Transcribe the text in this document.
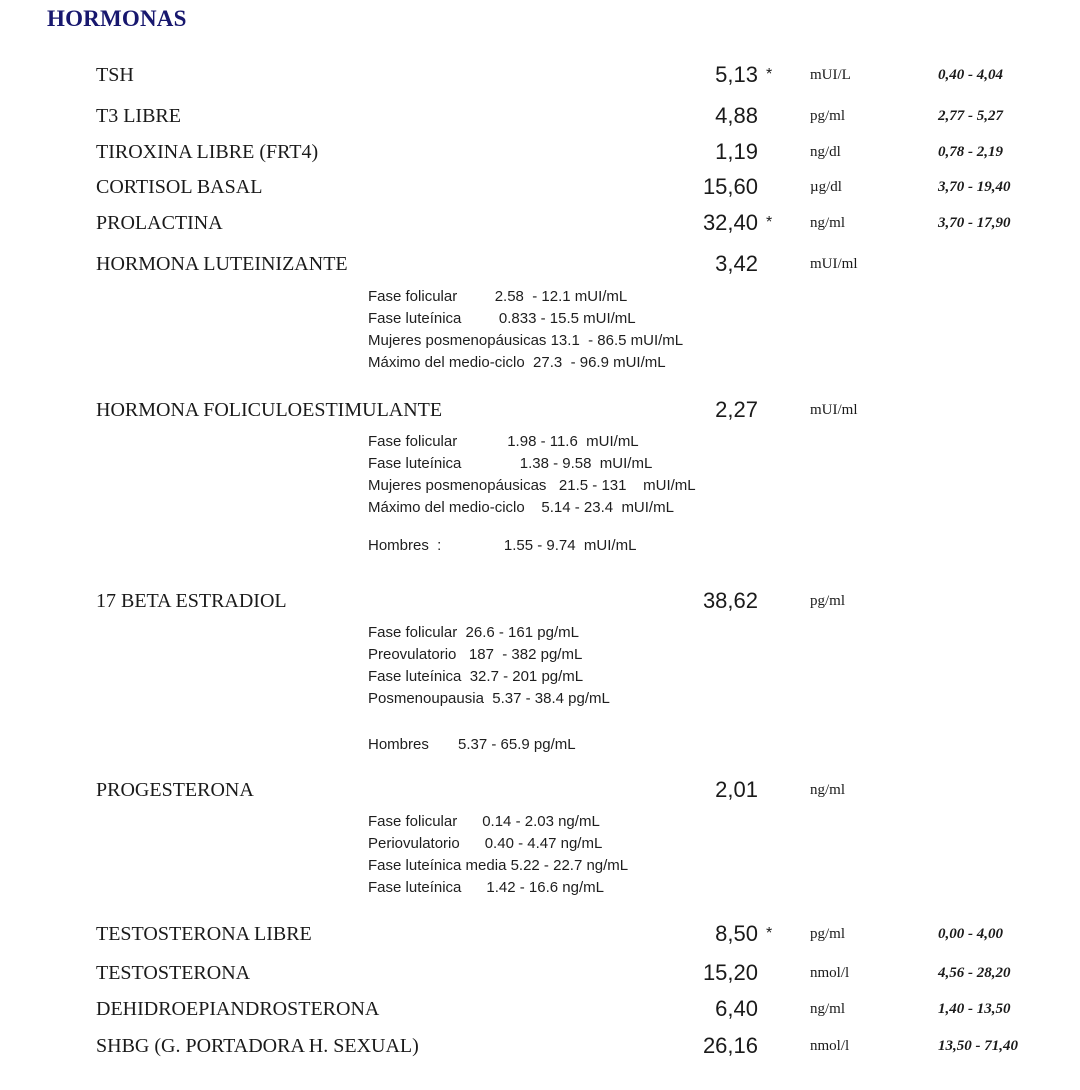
HORMONAS
TSH	5,13 *	mUI/L	0,40 - 4,04
T3 LIBRE	4,88	pg/ml	2,77 - 5,27
TIROXINA LIBRE (FRT4)	1,19	ng/dl	0,78 - 2,19
CORTISOL BASAL	15,60	µg/dl	3,70 - 19,40
PROLACTINA	32,40 *	ng/ml	3,70 - 17,90
HORMONA LUTEINIZANTE	3,42	mUI/ml
Fase folicular         2.58  - 12.1 mUI/mL
Fase luteínica         0.833 - 15.5 mUI/mL
Mujeres posmenopáusicas 13.1  - 86.5 mUI/mL
Máximo del medio-ciclo  27.3  - 96.9 mUI/mL
HORMONA FOLICULOESTIMULANTE	2,27	mUI/ml
Fase folicular            1.98 - 11.6  mUI/mL
Fase luteínica              1.38 - 9.58  mUI/mL
Mujeres posmenopáusicas   21.5 - 131    mUI/mL
Máximo del medio-ciclo    5.14 - 23.4  mUI/mL
Hombres  :               1.55 - 9.74  mUI/mL
17 BETA ESTRADIOL	38,62	pg/ml
Fase folicular  26.6 - 161 pg/mL
Preovulatorio   187  - 382 pg/mL
Fase luteínica  32.7 - 201 pg/mL
Posmenoupausia  5.37 - 38.4 pg/mL
Hombres       5.37 - 65.9 pg/mL
PROGESTERONA	2,01	ng/ml
Fase folicular      0.14 - 2.03 ng/mL
Periovulatorio      0.40 - 4.47 ng/mL
Fase luteínica media 5.22 - 22.7 ng/mL
Fase luteínica      1.42 - 16.6 ng/mL
TESTOSTERONA LIBRE	8,50 *	pg/ml	0,00 - 4,00
TESTOSTERONA	15,20	nmol/l	4,56 - 28,20
DEHIDROEPIANDROSTERONA	6,40	ng/ml	1,40 - 13,50
SHBG (G. PORTADORA H. SEXUAL)	26,16	nmol/l	13,50 - 71,40
